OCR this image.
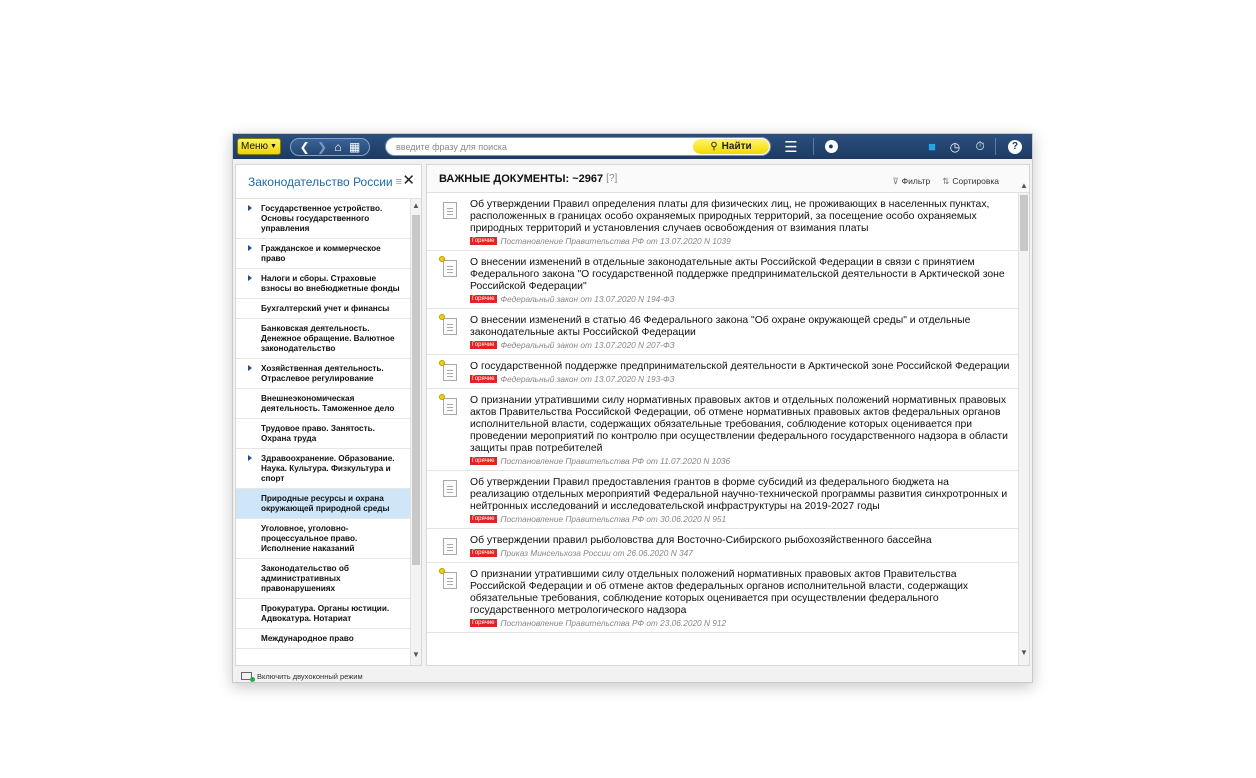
Меню ▼ ❮ ❯ ⌂ ▦
введите фразу для поиска	⚲ Найти ☰	●	■	◷	⏱	?
Законодательство России ≡ ✕
Государственное устройство. Основы государственного управления
Гражданское и коммерческое право
Налоги и сборы. Страховые взносы во внебюджетные фонды
Бухгалтерский учет и финансы
Банковская деятельность. Денежное обращение. Валютное законодательство
Хозяйственная деятельность. Отраслевое регулирование
Внешнеэкономическая деятельность. Таможенное дело
Трудовое право. Занятость. Охрана труда
Здравоохранение. Образование. Наука. Культура. Физкультура и спорт
Природные ресурсы и охрана окружающей природной среды
Уголовное, уголовно-процессуальное право. Исполнение наказаний
Законодательство об административных правонарушениях
Прокуратура. Органы юстиции. Адвокатура. Нотариат
Международное право
▲
▼
ВАЖНЫЕ ДОКУМЕНТЫ: ~2967 [?]	⊽ Фильтр ⇅ Сортировка
Об утверждении Правил определения платы для физических лиц, не проживающих в населенных пунктах, расположенных в границах особо охраняемых природных территорий, за посещение особо охраняемых природных территорий и установления случаев освобождения от взимания платы
Горячие Постановление Правительства РФ от 13.07.2020 N 1039
О внесении изменений в отдельные законодательные акты Российской Федерации в связи с принятием Федерального закона "О государственной поддержке предпринимательской деятельности в Арктической зоне Российской Федерации"
Горячие Федеральный закон от 13.07.2020 N 194-ФЗ
О внесении изменений в статью 46 Федерального закона "Об охране окружающей среды" и отдельные законодательные акты Российской Федерации
Горячие Федеральный закон от 13.07.2020 N 207-ФЗ
О государственной поддержке предпринимательской деятельности в Арктической зоне Российской Федерации
Горячие Федеральный закон от 13.07.2020 N 193-ФЗ
О признании утратившими силу нормативных правовых актов и отдельных положений нормативных правовых актов Правительства Российской Федерации, об отмене нормативных правовых актов федеральных органов исполнительной власти, содержащих обязательные требования, соблюдение которых оценивается при проведении мероприятий по контролю при осуществлении федерального государственного надзора в области защиты прав потребителей
Горячие Постановление Правительства РФ от 11.07.2020 N 1036
Об утверждении Правил предоставления грантов в форме субсидий из федерального бюджета на реализацию отдельных мероприятий Федеральной научно-технической программы развития синхротронных и нейтронных исследований и исследовательской инфраструктуры на 2019-2027 годы
Горячие Постановление Правительства РФ от 30.06.2020 N 951
Об утверждении правил рыболовства для Восточно-Сибирского рыбохозяйственного бассейна
Горячие Приказ Минсельхоза России от 26.06.2020 N 347
О признании утратившими силу отдельных положений нормативных правовых актов Правительства Российской Федерации и об отмене актов федеральных органов исполнительной власти, содержащих обязательные требования, соблюдение которых оценивается при осуществлении федерального государственного метрологического надзора
Горячие Постановление Правительства РФ от 23.06.2020 N 912
▲
▼
Включить двухоконный режим
